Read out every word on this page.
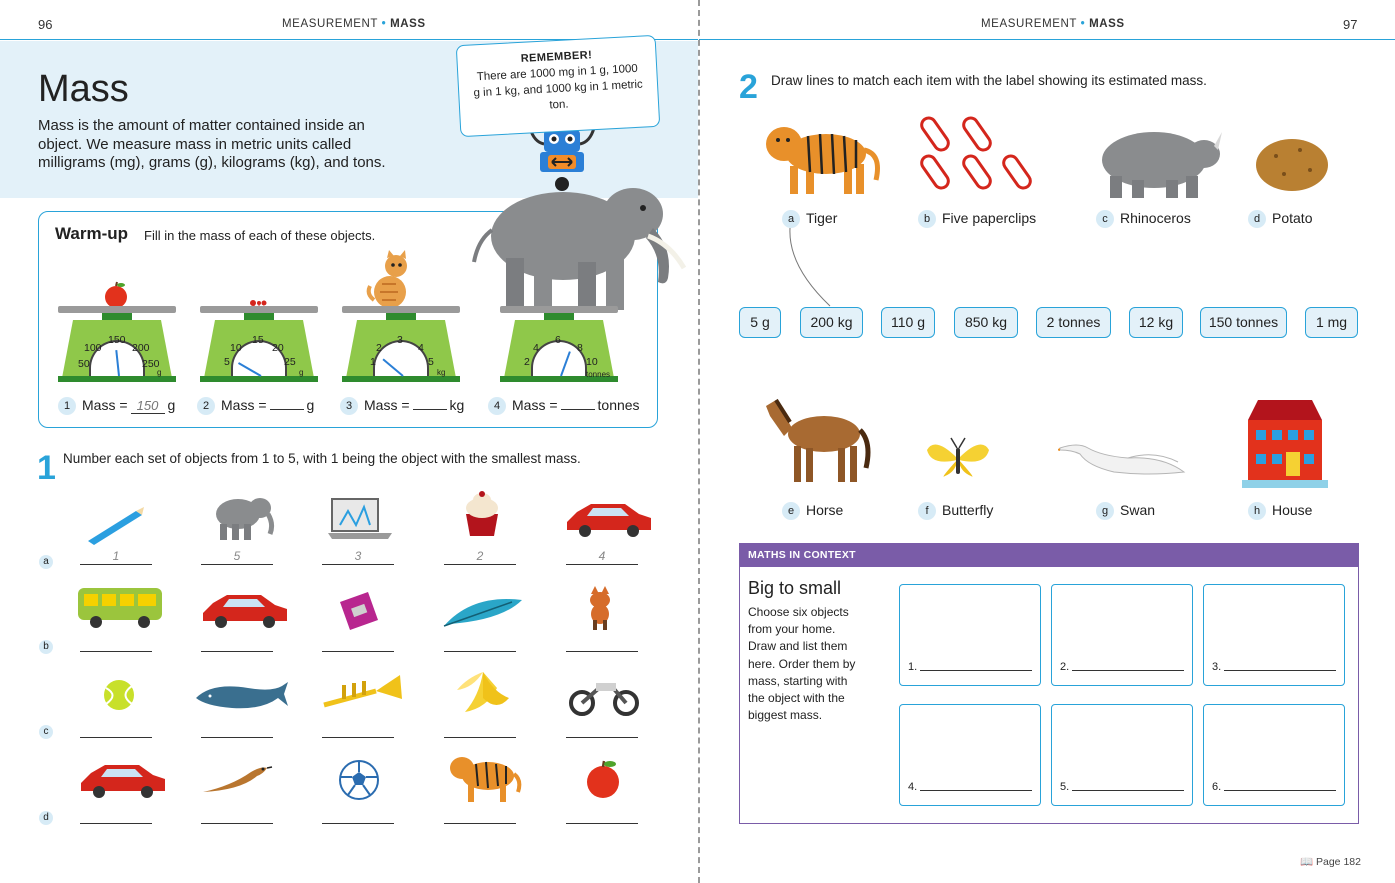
96	MEASUREMENT • MASS
Mass

Mass is the amount of matter contained inside an object. We measure mass in metric units called milligrams (mg), grams (g), kilograms (kg), and tons.

Warm-up Fill in the mass of each of these objects.
REMEMBER!
There are 1000 mg in 1 g, 1000 g in 1 kg, and 1000 kg in 1 metric ton.
50
100
150
200
250
g
5
10
15
20
25
g
1
2
3
4
5
kg
2
4
6
8
10
tonnes
1 Mass = 150 g	2 Mass =	g	3 Mass =	kg	4 Mass =	tonnes
1 Number each set of objects from 1 to 5, with 1 being the object with the smallest mass.
a	1	5	3	2	4
b
c
d
MEASUREMENT • MASS	97
2 Draw lines to match each item with the label showing its estimated mass.
a Tiger	b Five paperclips	c Rhinoceros	d Potato
5 g	200 kg	110 g	850 kg	2 tonnes	12 kg	150 tonnes	1 mg
e Horse	f Butterfly	g Swan	h House
MATHS IN CONTEXT
Big to small
Choose six objects from your home. Draw and list them here. Order them by mass, starting with the object with the biggest mass.
1.	2.	3.
4.	5.	6.
📖 Page 182
